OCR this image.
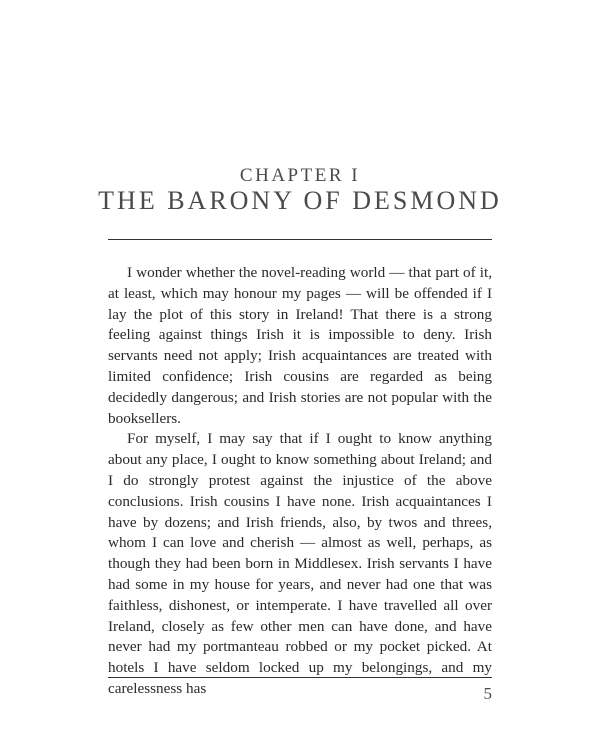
CHAPTER I
THE BARONY OF DESMOND

I wonder whether the novel-reading world — that part of it, at least, which may honour my pages — will be offended if I lay the plot of this story in Ireland! That there is a strong feeling against things Irish it is impossible to deny. Irish servants need not apply; Irish acquaintances are treated with limited confidence; Irish cousins are regarded as being decidedly dangerous; and Irish stories are not popular with the booksellers.

For myself, I may say that if I ought to know anything about any place, I ought to know something about Ireland; and I do strongly protest against the injustice of the above conclusions. Irish cousins I have none. Irish acquaintances I have by dozens; and Irish friends, also, by twos and threes, whom I can love and cherish — almost as well, perhaps, as though they had been born in Middlesex. Irish servants I have had some in my house for years, and never had one that was faithless, dishonest, or intemperate. I have travelled all over Ireland, closely as few other men can have done, and have never had my portmanteau robbed or my pocket picked. At hotels I have seldom locked up my belongings, and my carelessness has	5
